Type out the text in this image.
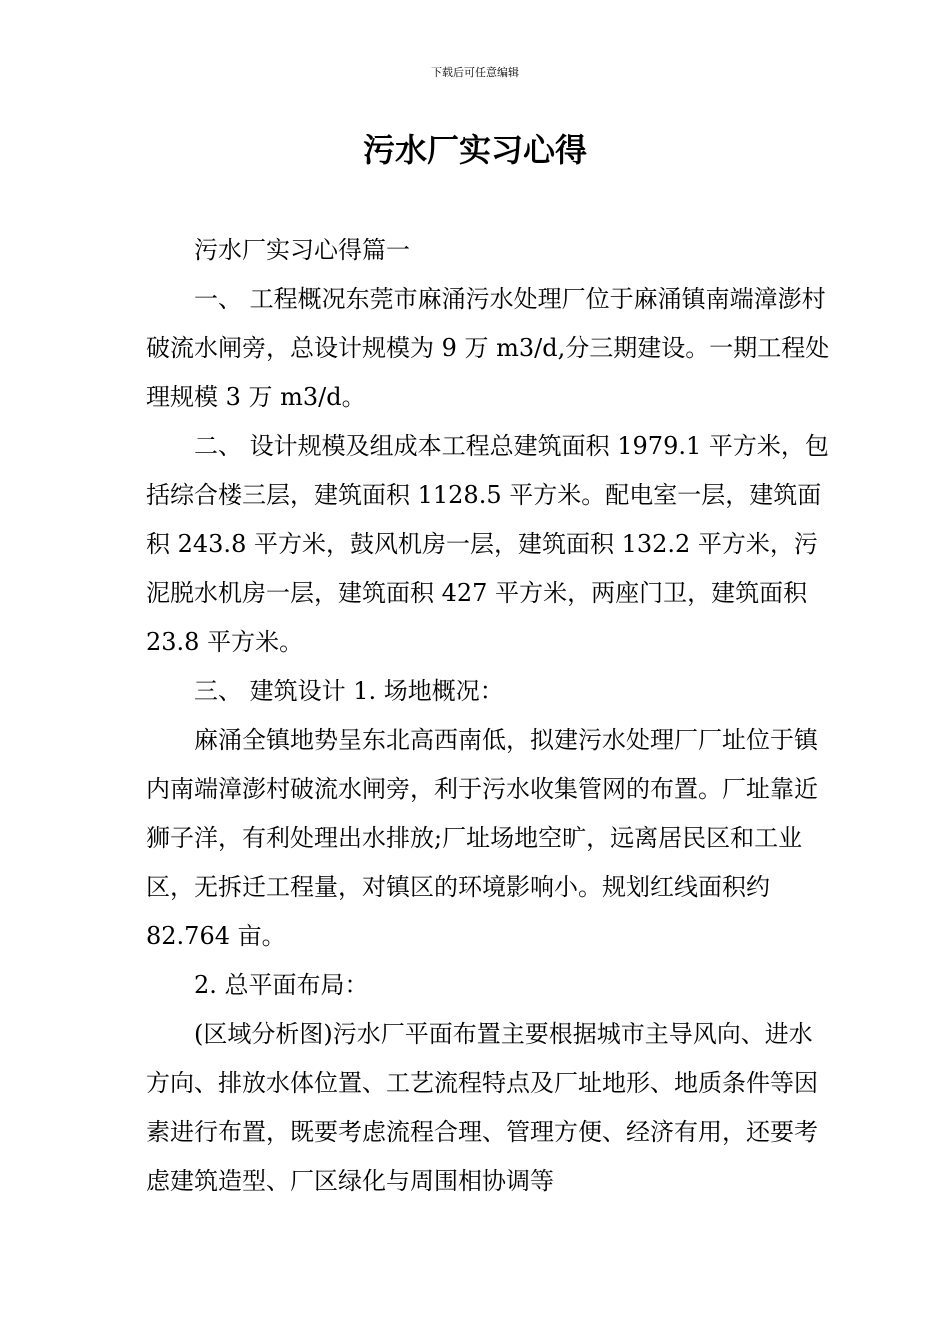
下载后可任意编辑
污水厂实习心得

污水厂实习心得篇一

一、 工程概况东莞市麻涌污水处理厂位于麻涌镇南端漳澎村破流水闸旁，总设计规模为 9 万 m3/d,分三期建设。一期工程处理规模 3 万 m3/d。

二、 设计规模及组成本工程总建筑面积 1979.1 平方米，包括综合楼三层，建筑面积 1128.5 平方米。配电室一层，建筑面积 243.8 平方米，鼓风机房一层，建筑面积 132.2 平方米，污泥脱水机房一层，建筑面积 427 平方米，两座门卫，建筑面积 23.8 平方米。

三、 建筑设计 1. 场地概况：

麻涌全镇地势呈东北高西南低，拟建污水处理厂厂址位于镇内南端漳澎村破流水闸旁，利于污水收集管网的布置。厂址靠近狮子洋，有利处理出水排放;厂址场地空旷，远离居民区和工业区，无拆迁工程量，对镇区的环境影响小。规划红线面积约 82.764 亩。

2. 总平面布局：

(区域分析图)污水厂平面布置主要根据城市主导风向、进水方向、排放水体位置、工艺流程特点及厂址地形、地质条件等因素进行布置，既要考虑流程合理、管理方便、经济有用，还要考虑建筑造型、厂区绿化与周围相协调等
